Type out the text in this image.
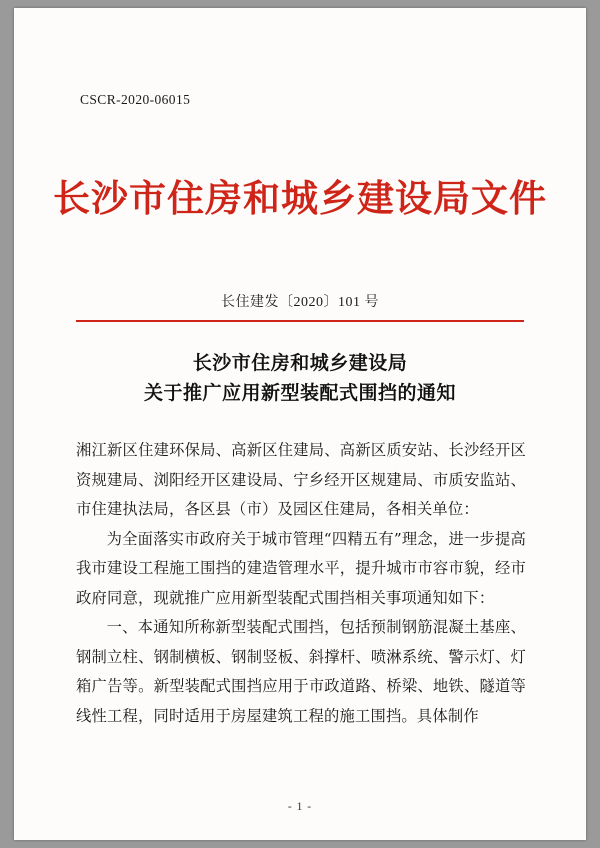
CSCR-2020-06015
长沙市住房和城乡建设局文件
长住建发〔2020〕101 号
长沙市住房和城乡建设局
关于推广应用新型装配式围挡的通知

湘江新区住建环保局、高新区住建局、高新区质安站、长沙经开区资规建局、浏阳经开区建设局、宁乡经开区规建局、市质安监站、市住建执法局，各区县（市）及园区住建局，各相关单位：

为全面落实市政府关于城市管理“四精五有”理念，进一步提高我市建设工程施工围挡的建造管理水平，提升城市市容市貌，经市政府同意，现就推广应用新型装配式围挡相关事项通知如下：

一、本通知所称新型装配式围挡，包括预制钢筋混凝土基座、钢制立柱、钢制横板、钢制竖板、斜撑杆、喷淋系统、警示灯、灯箱广告等。新型装配式围挡应用于市政道路、桥梁、地铁、隧道等线性工程，同时适用于房屋建筑工程的施工围挡。具体制作

- 1 -
